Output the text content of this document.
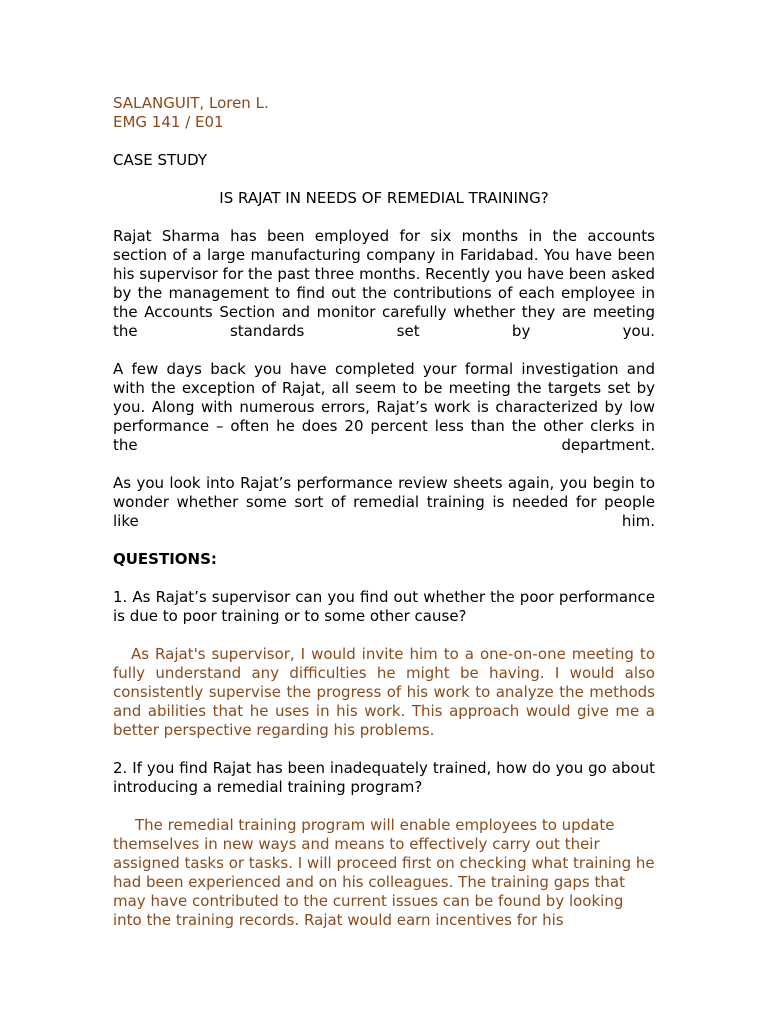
SALANGUIT, Loren L.

EMG 141 / E01

CASE STUDY

IS RAJAT IN NEEDS OF REMEDIAL TRAINING?

Rajat Sharma has been employed for six months in the accounts section of a large manufacturing company in Faridabad. You have been his supervisor for the past three months. Recently you have been asked by the management to find out the contributions of each employee in the Accounts Section and monitor carefully whether they are meeting the standards set by you.

A few days back you have completed your formal investigation and with the exception of Rajat, all seem to be meeting the targets set by you. Along with numerous errors, Rajat’s work is characterized by low performance – often he does 20 percent less than the other clerks in the department.

As you look into Rajat’s performance review sheets again, you begin to wonder whether some sort of remedial training is needed for people like him.

QUESTIONS:

1. As Rajat’s supervisor can you find out whether the poor performance is due to poor training or to some other cause?

As Rajat's supervisor, I would invite him to a one-on-one meeting to fully understand any difficulties he might be having. I would also consistently supervise the progress of his work to analyze the methods and abilities that he uses in his work. This approach would give me a better perspective regarding his problems.

2. If you find Rajat has been inadequately trained, how do you go about introducing a remedial training program?

The remedial training program will enable employees to update themselves in new ways and means to effectively carry out their assigned tasks or tasks. I will proceed first on checking what training he had been experienced and on his colleagues. The training gaps that may have contributed to the current issues can be found by looking into the training records. Rajat would earn incentives for his
